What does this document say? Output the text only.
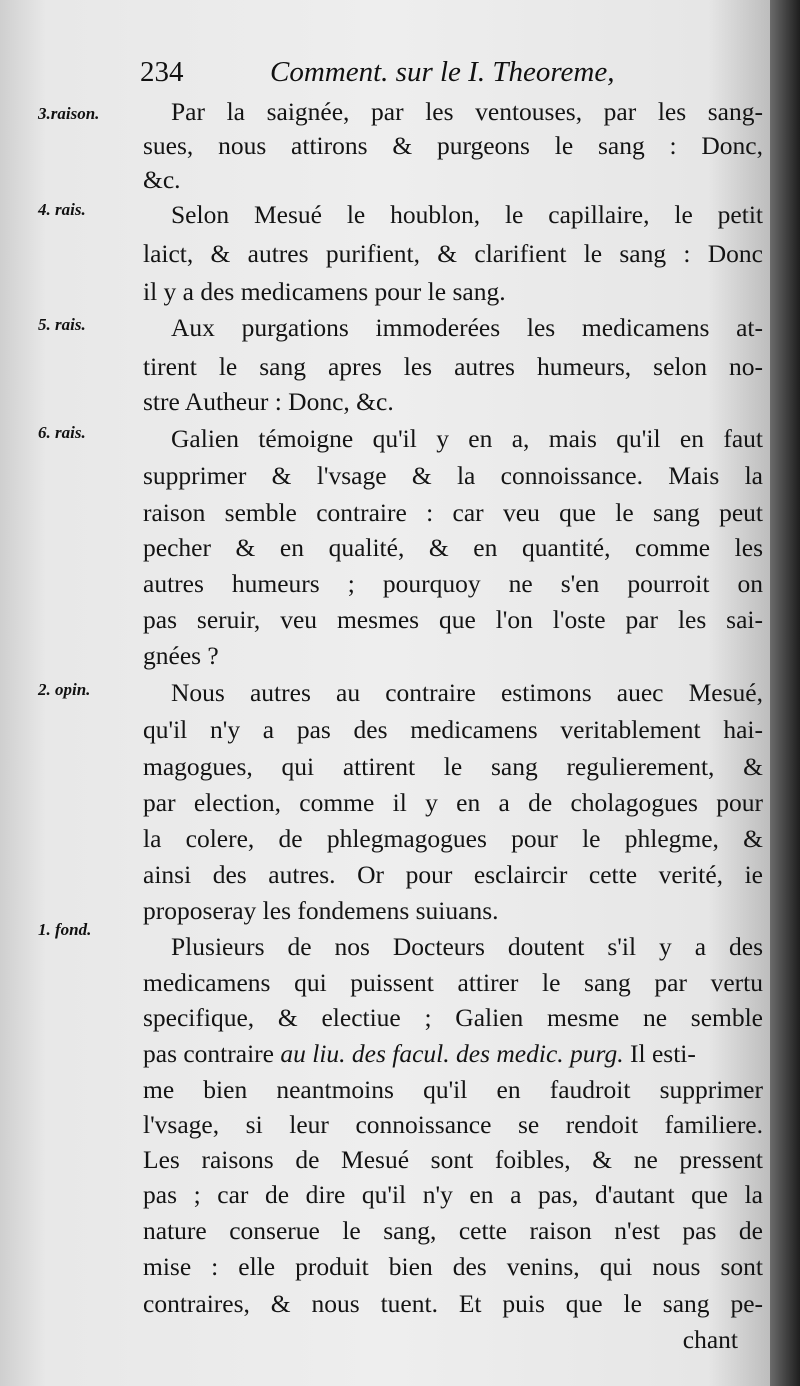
234	Comment. sur le I. Theoreme,
3.raison.
4. rais.
5. rais.
6. rais.
2. opin.
1. fond.
Par la saignée, par les ventouses, par les sang-
sues, nous attirons & purgeons le sang : Donc,
&c.
Selon Mesué le houblon, le capillaire, le petit
laict, & autres purifient, & clarifient le sang : Donc
il y a des medicamens pour le sang.
Aux purgations immoderées les medicamens at-
tirent le sang apres les autres humeurs, selon no-
stre Autheur : Donc, &c.
Galien témoigne qu'il y en a, mais qu'il en faut
supprimer & l'vsage & la connoissance. Mais la
raison semble contraire : car veu que le sang peut
pecher & en qualité, & en quantité, comme les
autres humeurs ; pourquoy ne s'en pourroit on
pas seruir, veu mesmes que l'on l'oste par les sai-
gnées ?
Nous autres au contraire estimons auec Mesué,
qu'il n'y a pas des medicamens veritablement hai-
magogues, qui attirent le sang regulierement, &
par election, comme il y en a de cholagogues pour
la colere, de phlegmagogues pour le phlegme, &
ainsi des autres. Or pour esclaircir cette verité, ie
proposeray les fondemens suiuans.
Plusieurs de nos Docteurs doutent s'il y a des
medicamens qui puissent attirer le sang par vertu
specifique, & electiue ; Galien mesme ne semble
pas contraire au liu. des facul. des medic. purg. Il esti-
me bien neantmoins qu'il en faudroit supprimer
l'vsage, si leur connoissance se rendoit familiere.
Les raisons de Mesué sont foibles, & ne pressent
pas ; car de dire qu'il n'y en a pas, d'autant que la
nature conserue le sang, cette raison n'est pas de
mise : elle produit bien des venins, qui nous sont
contraires, & nous tuent. Et puis que le sang pe-
chant
